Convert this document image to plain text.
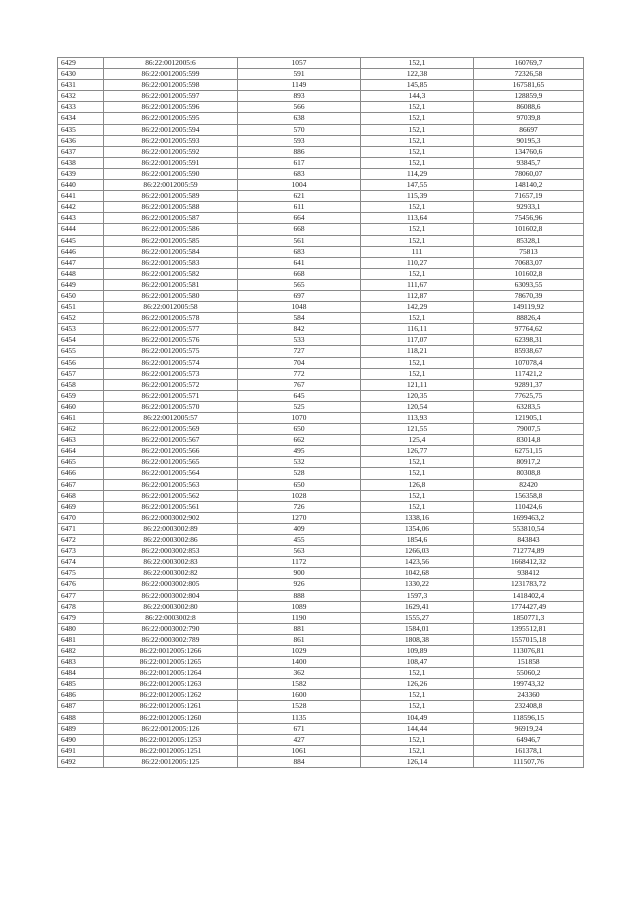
6429	86:22:0012005:6	1057	152,1	160769,7
6430	86:22:0012005:599	591	122,38	72326,58
6431	86:22:0012005:598	1149	145,85	167581,65
6432	86:22:0012005:597	893	144,3	128859,9
6433	86:22:0012005:596	566	152,1	86088,6
6434	86:22:0012005:595	638	152,1	97039,8
6435	86:22:0012005:594	570	152,1	86697
6436	86:22:0012005:593	593	152,1	90195,3
6437	86:22:0012005:592	886	152,1	134760,6
6438	86:22:0012005:591	617	152,1	93845,7
6439	86:22:0012005:590	683	114,29	78060,07
6440	86:22:0012005:59	1004	147,55	148140,2
6441	86:22:0012005:589	621	115,39	71657,19
6442	86:22:0012005:588	611	152,1	92933,1
6443	86:22:0012005:587	664	113,64	75456,96
6444	86:22:0012005:586	668	152,1	101602,8
6445	86:22:0012005:585	561	152,1	85328,1
6446	86:22:0012005:584	683	111	75813
6447	86:22:0012005:583	641	110,27	70683,07
6448	86:22:0012005:582	668	152,1	101602,8
6449	86:22:0012005:581	565	111,67	63093,55
6450	86:22:0012005:580	697	112,87	78670,39
6451	86:22:0012005:58	1048	142,29	149119,92
6452	86:22:0012005:578	584	152,1	88826,4
6453	86:22:0012005:577	842	116,11	97764,62
6454	86:22:0012005:576	533	117,07	62398,31
6455	86:22:0012005:575	727	118,21	85938,67
6456	86:22:0012005:574	704	152,1	107078,4
6457	86:22:0012005:573	772	152,1	117421,2
6458	86:22:0012005:572	767	121,11	92891,37
6459	86:22:0012005:571	645	120,35	77625,75
6460	86:22:0012005:570	525	120,54	63283,5
6461	86:22:0012005:57	1070	113,93	121905,1
6462	86:22:0012005:569	650	121,55	79007,5
6463	86:22:0012005:567	662	125,4	83014,8
6464	86:22:0012005:566	495	126,77	62751,15
6465	86:22:0012005:565	532	152,1	80917,2
6466	86:22:0012005:564	528	152,1	80308,8
6467	86:22:0012005:563	650	126,8	82420
6468	86:22:0012005:562	1028	152,1	156358,8
6469	86:22:0012005:561	726	152,1	110424,6
6470	86:22:0003002:902	1270	1338,16	1699463,2
6471	86:22:0003002:89	409	1354,06	553810,54
6472	86:22:0003002:86	455	1854,6	843843
6473	86:22:0003002:853	563	1266,03	712774,89
6474	86:22:0003002:83	1172	1423,56	1668412,32
6475	86:22:0003002:82	900	1042,68	938412
6476	86:22:0003002:805	926	1330,22	1231783,72
6477	86:22:0003002:804	888	1597,3	1418402,4
6478	86:22:0003002:80	1089	1629,41	1774427,49
6479	86:22:0003002:8	1190	1555,27	1850771,3
6480	86:22:0003002:790	881	1584,01	1395512,81
6481	86:22:0003002:789	861	1808,38	1557015,18
6482	86:22:0012005:1266	1029	109,89	113076,81
6483	86:22:0012005:1265	1400	108,47	151858
6484	86:22:0012005:1264	362	152,1	55060,2
6485	86:22:0012005:1263	1582	126,26	199743,32
6486	86:22:0012005:1262	1600	152,1	243360
6487	86:22:0012005:1261	1528	152,1	232408,8
6488	86:22:0012005:1260	1135	104,49	118596,15
6489	86:22:0012005:126	671	144,44	96919,24
6490	86:22:0012005:1253	427	152,1	64946,7
6491	86:22:0012005:1251	1061	152,1	161378,1
6492	86:22:0012005:125	884	126,14	111507,76
